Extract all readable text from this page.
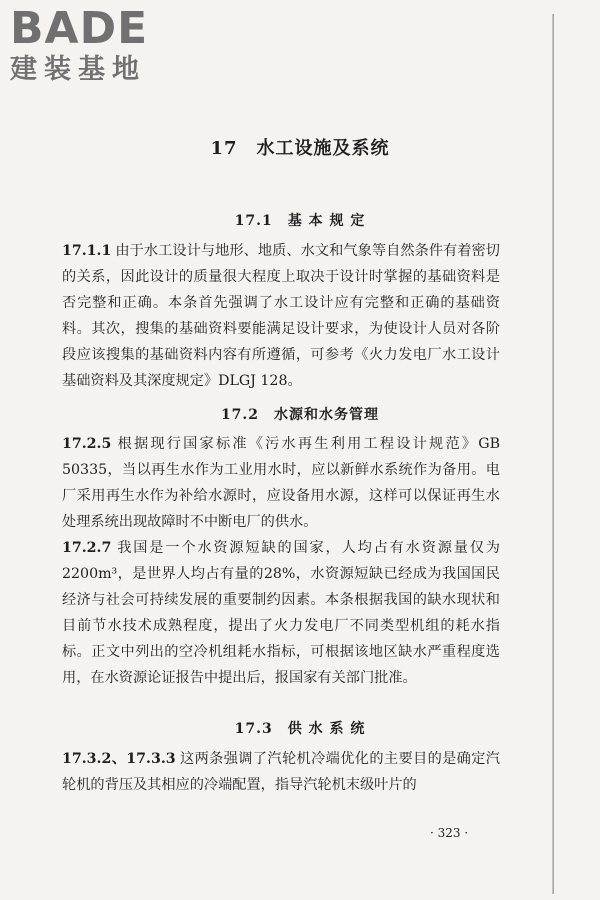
BADE
建装基地
17　水工设施及系统
17.1　基 本 规 定

17.1.1 由于水工设计与地形、地质、水文和气象等自然条件有着密切的关系，因此设计的质量很大程度上取决于设计时掌握的基础资料是否完整和正确。本条首先强调了水工设计应有完整和正确的基础资料。其次，搜集的基础资料要能满足设计要求，为使设计人员对各阶段应该搜集的基础资料内容有所遵循，可参考《火力发电厂水工设计基础资料及其深度规定》DLGJ 128。

17.2　水源和水务管理

17.2.5 根据现行国家标准《污水再生利用工程设计规范》GB 50335，当以再生水作为工业用水时，应以新鲜水系统作为备用。电厂采用再生水作为补给水源时，应设备用水源，这样可以保证再生水处理系统出现故障时不中断电厂的供水。

17.2.7 我国是一个水资源短缺的国家，人均占有水资源量仅为2200m³，是世界人均占有量的28%，水资源短缺已经成为我国国民经济与社会可持续发展的重要制约因素。本条根据我国的缺水现状和目前节水技术成熟程度，提出了火力发电厂不同类型机组的耗水指标。正文中列出的空冷机组耗水指标，可根据该地区缺水严重程度选用，在水资源论证报告中提出后，报国家有关部门批准。

17.3　供 水 系 统

17.3.2、17.3.3 这两条强调了汽轮机冷端优化的主要目的是确定汽轮机的背压及其相应的冷端配置，指导汽轮机末级叶片的

· 323 ·
